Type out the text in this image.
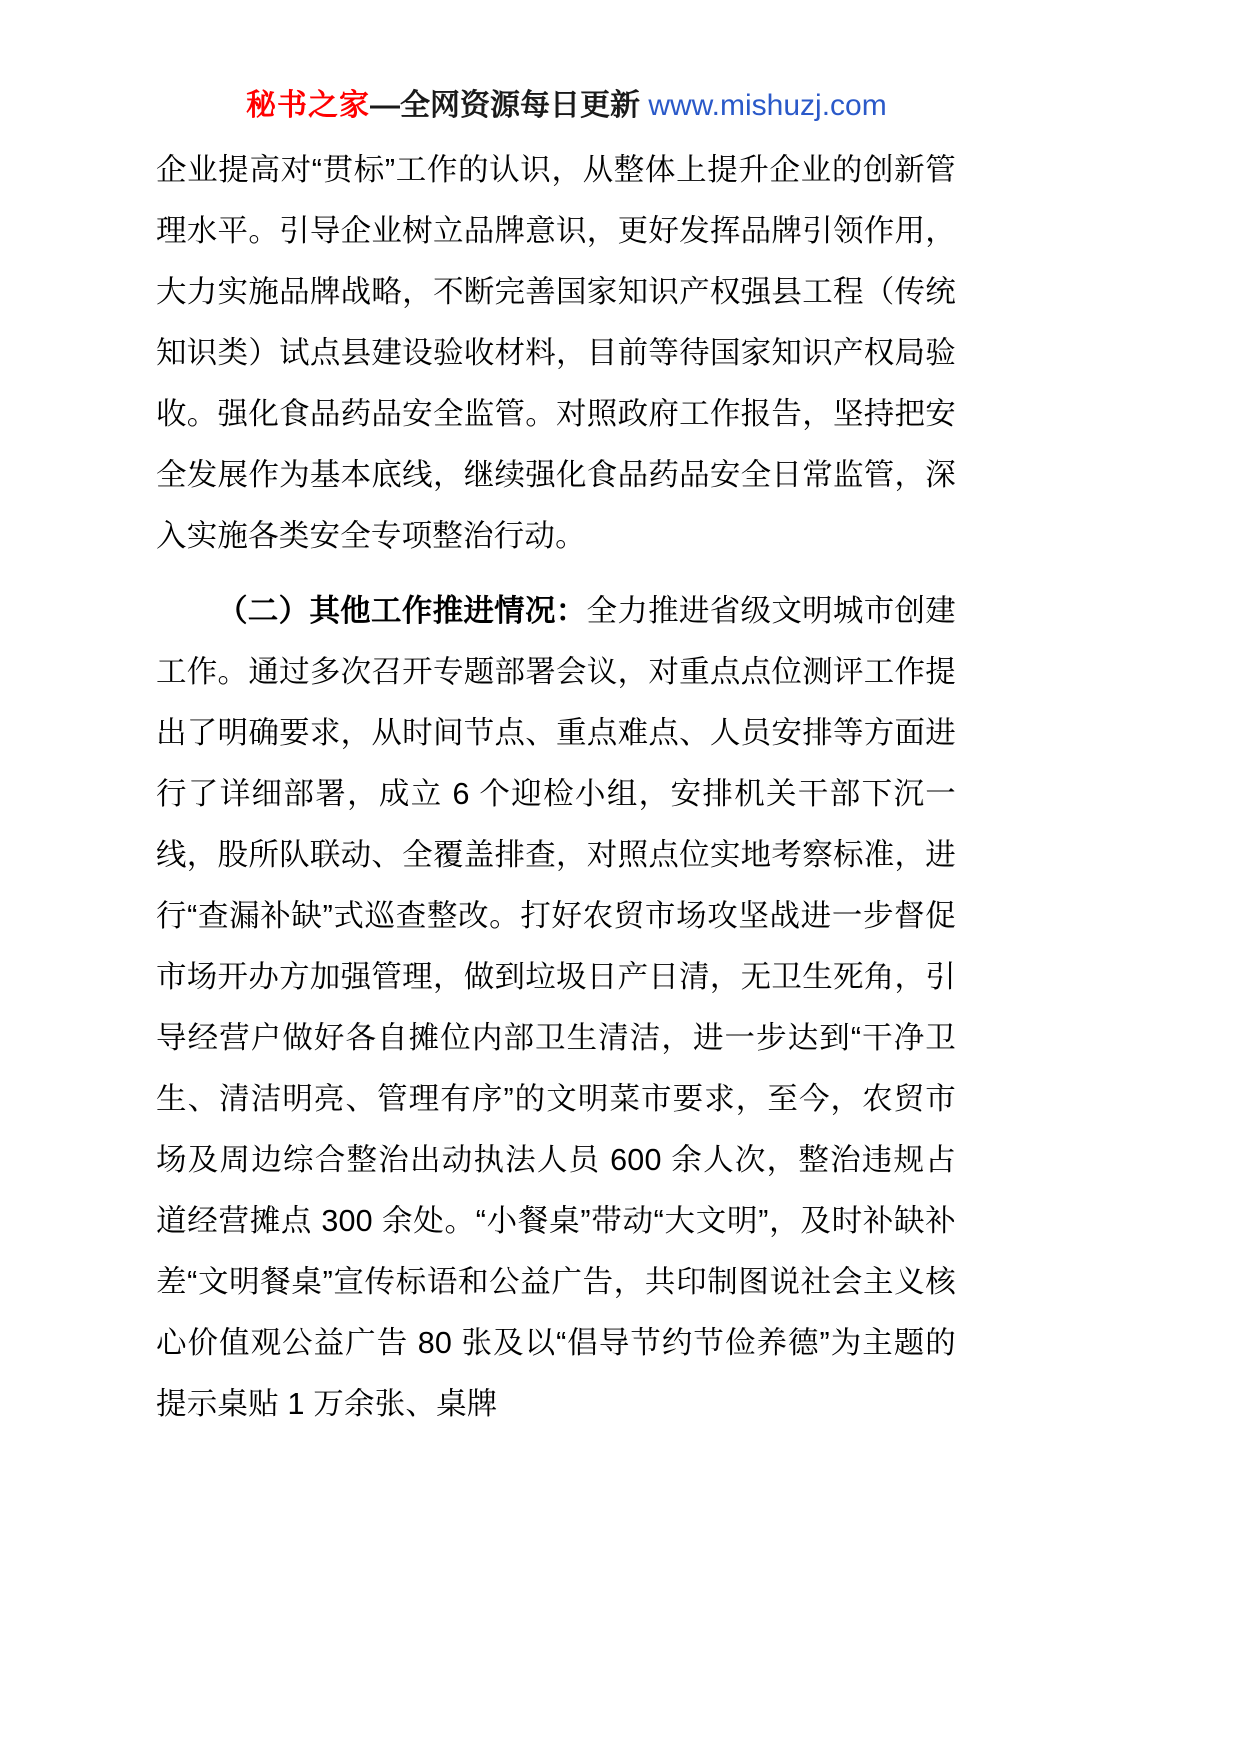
秘书之家—全网资源每日更新 www.mishuzj.com

企业提高对“贯标”工作的认识，从整体上提升企业的创新管理水平。引导企业树立品牌意识，更好发挥品牌引领作用，大力实施品牌战略，不断完善国家知识产权强县工程（传统知识类）试点县建设验收材料，目前等待国家知识产权局验收。强化食品药品安全监管。对照政府工作报告，坚持把安全发展作为基本底线，继续强化食品药品安全日常监管，深入实施各类安全专项整治行动。

（二）其他工作推进情况：全力推进省级文明城市创建工作。通过多次召开专题部署会议，对重点点位测评工作提出了明确要求，从时间节点、重点难点、人员安排等方面进行了详细部署，成立 6 个迎检小组，安排机关干部下沉一线，股所队联动、全覆盖排查，对照点位实地考察标准，进行“查漏补缺”式巡查整改。打好农贸市场攻坚战进一步督促市场开办方加强管理，做到垃圾日产日清，无卫生死角，引导经营户做好各自摊位内部卫生清洁，进一步达到“干净卫生、清洁明亮、管理有序”的文明菜市要求，至今，农贸市场及周边综合整治出动执法人员 600 余人次，整治违规占道经营摊点 300 余处。“小餐桌”带动“大文明”，及时补缺补差“文明餐桌”宣传标语和公益广告，共印制图说社会主义核心价值观公益广告 80 张及以“倡导节约节俭养德”为主题的提示桌贴 1 万余张、桌牌
